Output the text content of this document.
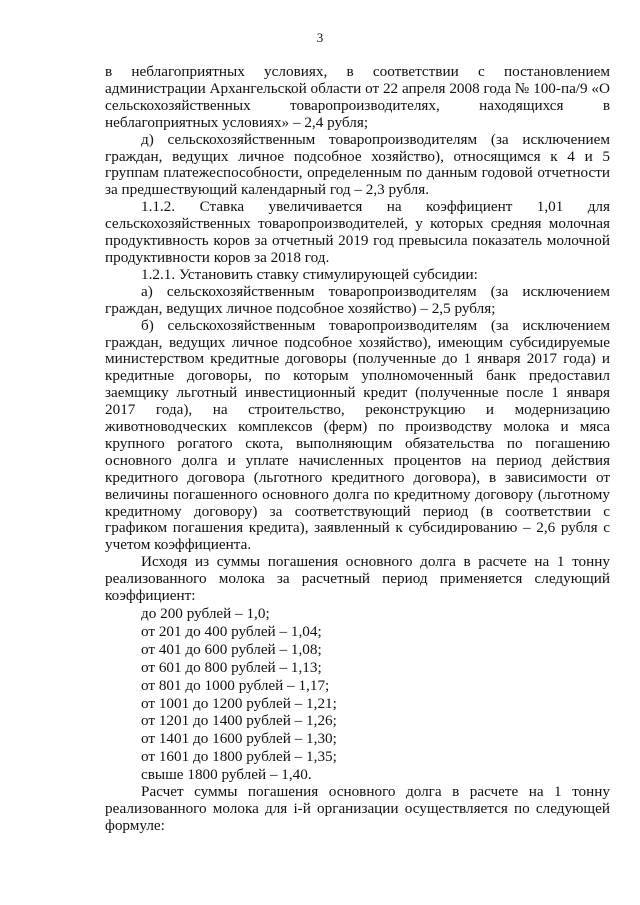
3

в неблагоприятных условиях, в соответствии с постановлением администрации Архангельской области от 22 апреля 2008 года № 100-па/9 «О сельскохозяйственных товаропроизводителях, находящихся в неблагоприятных условиях» – 2,4 рубля;

д) сельскохозяйственным товаропроизводителям (за исключением граждан, ведущих личное подсобное хозяйство), относящимся к 4 и 5 группам платежеспособности, определенным по данным годовой отчетности за предшествующий календарный год – 2,3 рубля.

1.1.2. Ставка увеличивается на коэффициент 1,01 для сельскохозяйственных товаропроизводителей, у которых средняя молочная продуктивность коров за отчетный 2019 год превысила показатель молочной продуктивности коров за 2018 год.

1.2.1. Установить ставку стимулирующей субсидии:

а) сельскохозяйственным товаропроизводителям (за исключением граждан, ведущих личное подсобное хозяйство) – 2,5 рубля;

б) сельскохозяйственным товаропроизводителям (за исключением граждан, ведущих личное подсобное хозяйство), имеющим субсидируемые министерством кредитные договоры (полученные до 1 января 2017 года) и кредитные договоры, по которым уполномоченный банк предоставил заемщику льготный инвестиционный кредит (полученные после 1 января 2017 года), на строительство, реконструкцию и модернизацию животноводческих комплексов (ферм) по производству молока и мяса крупного рогатого скота, выполняющим обязательства по погашению основного долга и уплате начисленных процентов на период действия кредитного договора (льготного кредитного договора), в зависимости от величины погашенного основного долга по кредитному договору (льготному кредитному договору) за соответствующий период (в соответствии с графиком погашения кредита), заявленный к субсидированию – 2,6 рубля с учетом коэффициента.

Исходя из суммы погашения основного долга в расчете на 1 тонну реализованного молока за расчетный период применяется следующий коэффициент:

до 200 рублей – 1,0;
от 201 до 400 рублей – 1,04;
от 401 до 600 рублей – 1,08;
от 601 до 800 рублей – 1,13;
от 801 до 1000 рублей – 1,17;
от 1001 до 1200 рублей – 1,21;
от 1201 до 1400 рублей – 1,26;
от 1401 до 1600 рублей – 1,30;
от 1601 до 1800 рублей – 1,35;
свыше 1800 рублей – 1,40.

Расчет суммы погашения основного долга в расчете на 1 тонну реализованного молока для i-й организации осуществляется по следующей формуле:
